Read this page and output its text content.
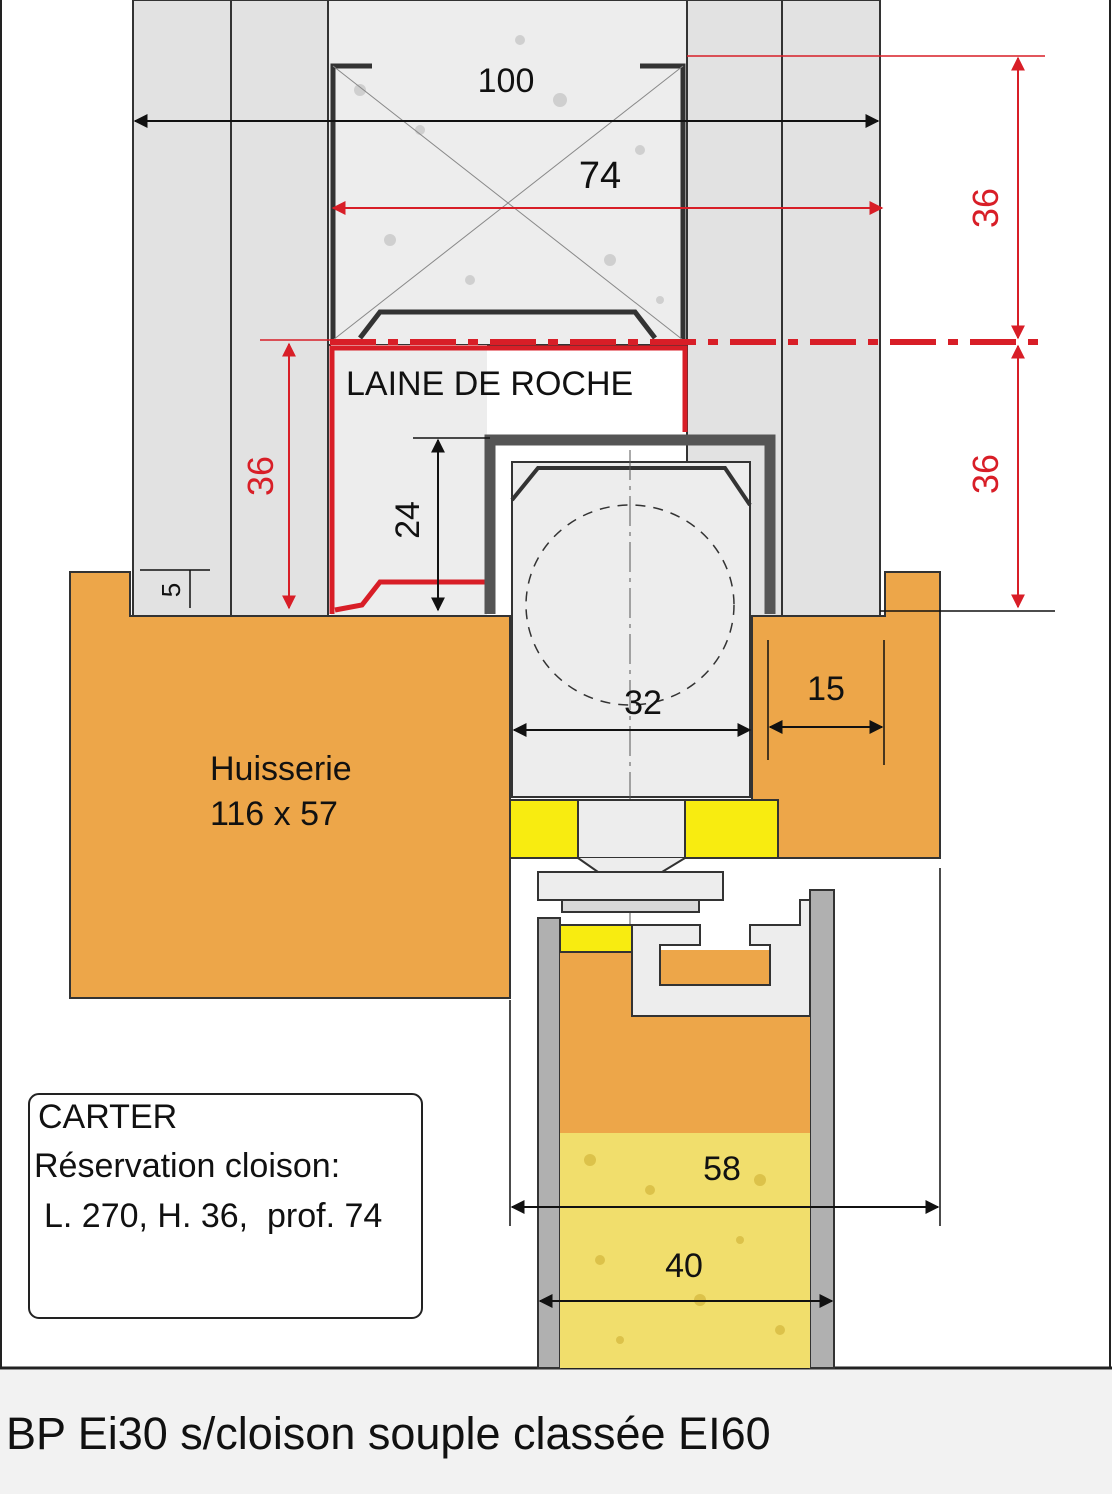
100
74
36
36
36
24
5
32	15
58
40
LAINE DE ROCHE
Huisserie
116 x 57
CARTER
Réservation cloison:
L. 270, H. 36,  prof. 74
BP Ei30 s/cloison souple classée EI60
